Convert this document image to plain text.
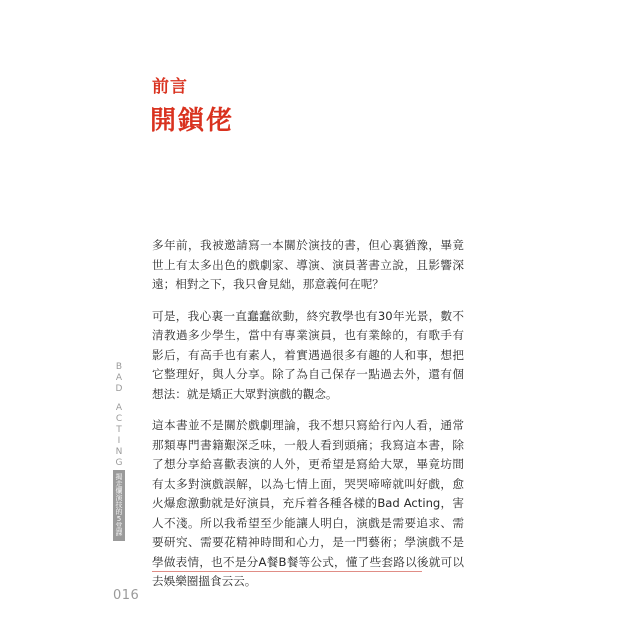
前言
開鎖佬

多年前，我被邀請寫一本關於演技的書，但心裏猶豫，畢竟世上有太多出色的戲劇家、導演、演員著書立說，且影響深遠；相對之下，我只會見絀，那意義何在呢？

可是，我心裏一直蠢蠢欲動，終究教學也有30年光景，數不清教過多少學生，當中有專業演員，也有業餘的，有歌手有影后，有高手也有素人，着實遇過很多有趣的人和事，想把它整理好，與人分享。除了為自己保存一點過去外，還有個想法：就是矯正大眾對演戲的觀念。

這本書並不是關於戲劇理論，我不想只寫給行內人看，通常那類專門書籍艱深乏味，一般人看到頭痛；我寫這本書，除了想分享給喜歡表演的人外，更希望是寫給大眾，畢竟坊間有太多對演戲誤解，以為七情上面，哭哭啼啼就叫好戲，愈火爆愈激動就是好演員，充斥着各種各樣的Bad Acting，害人不淺。所以我希望至少能讓人明白，演戲是需要追求、需要研究、需要花精神時間和心力，是一門藝術；學演戲不是學做表情，也不是分A餐B餐等公式，懂了些套路以後就可以去娛樂圈搵食云云。

B
A
D
A
C
T
I
N
G
揭
走
爛
演
技
的
5
堂
課
016
